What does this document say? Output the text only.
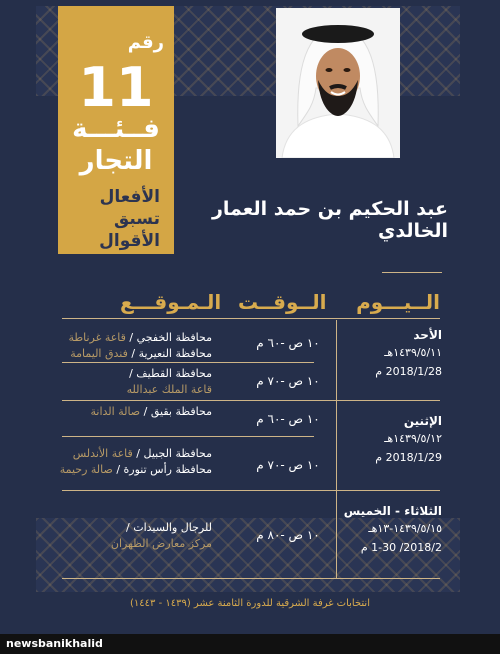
رقم
11
فــئـــة
التجار
الأفعال
تسبق
الأقوال
عبد الحكيم بن حمد العمار الخالدي
الــيـــوم
الــوقــت
الـمـوقـــع
الأحد
١٤٣٩/٥/١١هـ
2018/1/28 م
١٠ ص -٦٠ م
محافظة الخفجي / قاعة غرناطة
محافظة النعيرية / فندق اليمامة
١٠ ص -٧٠ م
محافظة القطيف /
قاعة الملك عبدالله
الإثنين
١٤٣٩/٥/١٢هـ
2018/1/29 م
١٠ ص -٦٠ م
محافظة بقيق / صالة الدانة
١٠ ص -٧٠ م
محافظة الجبيل / قاعة الأندلس
محافظة رأس تنورة / صالة رحيمة
الثلاثاء - الخميس
١٤٣٩/٥/١٥-١٣هـ
2018/2/ 1-30 م
١٠ ص -٨٠ م
للرجال والسيدات /
مركز معارض الظهران
انتخابات غرفة الشرقية للدورة الثامنة عشر (١٤٣٩ - ١٤٤٣)
newsbanikhalid
